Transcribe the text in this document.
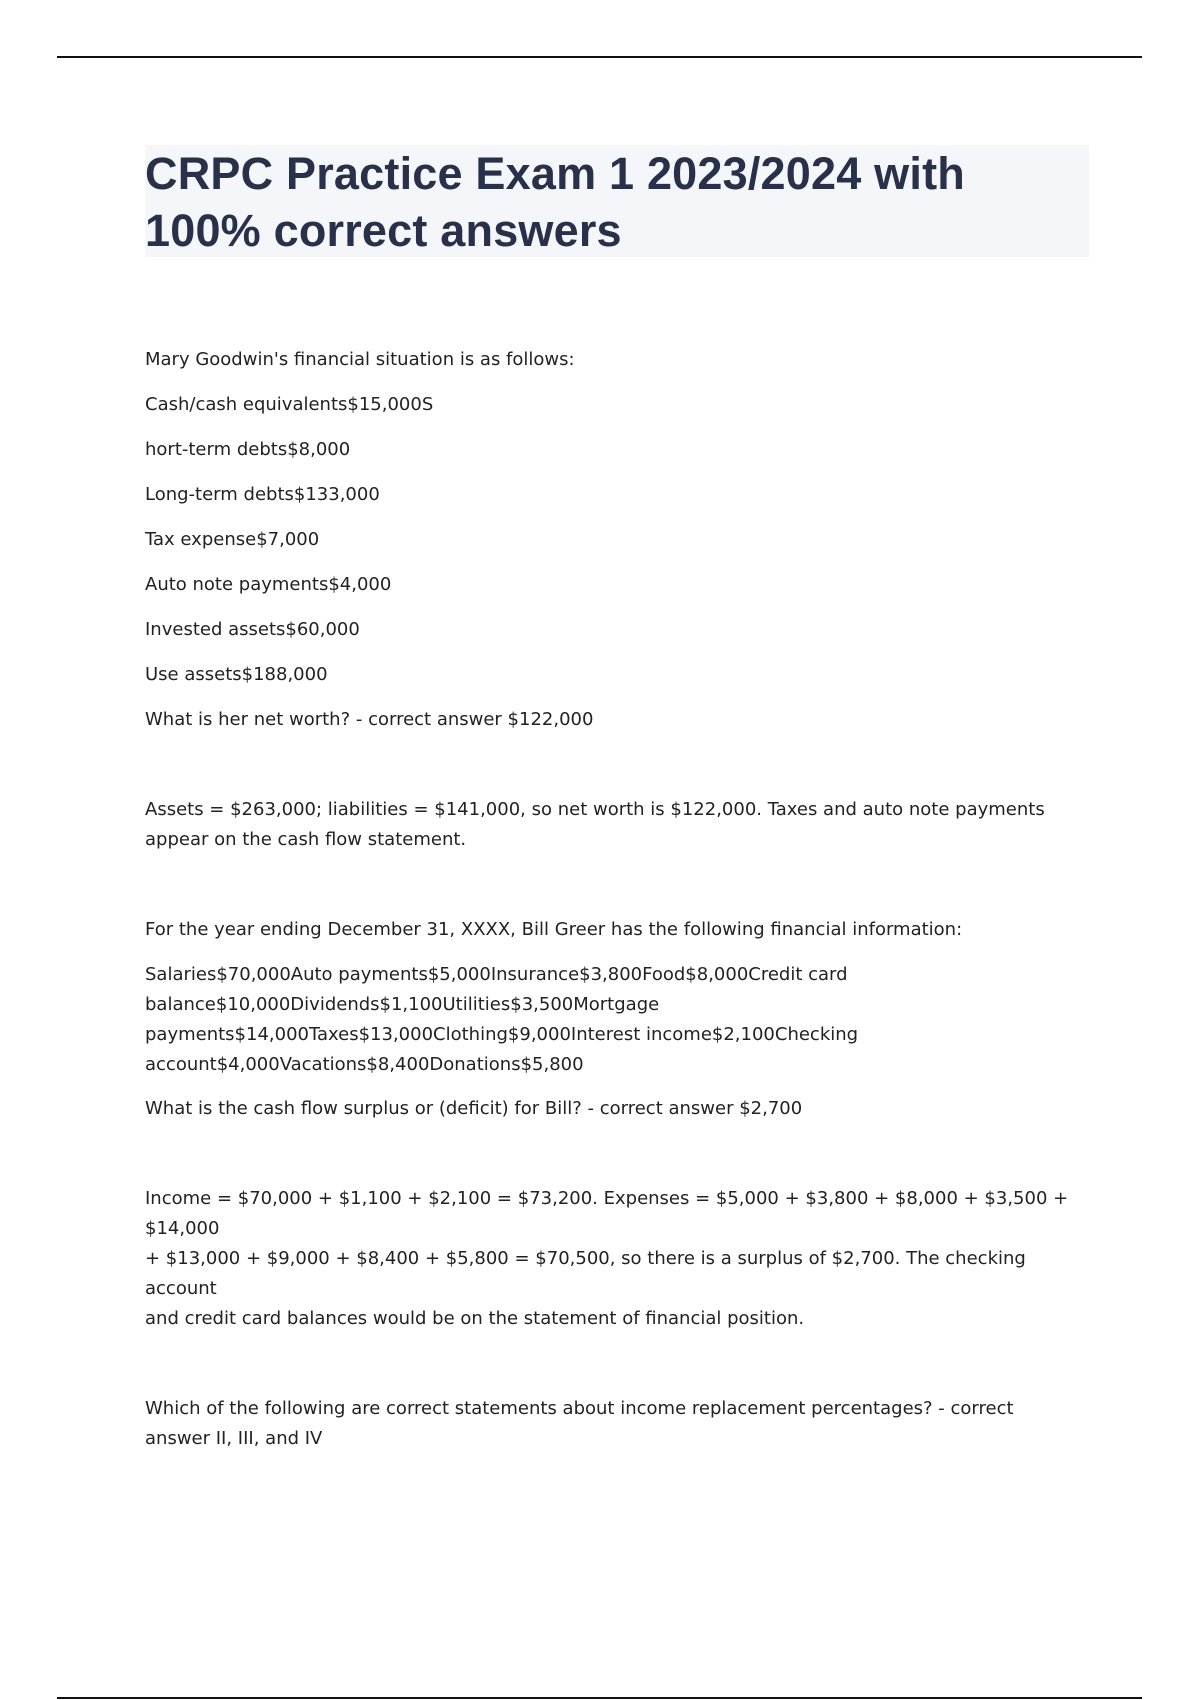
CRPC Practice Exam 1 2023/2024 with
100% correct answers

Mary Goodwin's financial situation is as follows:

Cash/cash equivalents$15,000S

hort-term debts$8,000

Long-term debts$133,000

Tax expense$7,000

Auto note payments$4,000

Invested assets$60,000

Use assets$188,000

What is her net worth? - correct answer $122,000

Assets = $263,000; liabilities = $141,000, so net worth is $122,000. Taxes and auto note payments

appear on the cash flow statement.

For the year ending December 31, XXXX, Bill Greer has the following financial information:

Salaries$70,000Auto payments$5,000Insurance$3,800Food$8,000Credit card

balance$10,000Dividends$1,100Utilities$3,500Mortgage

payments$14,000Taxes$13,000Clothing$9,000Interest income$2,100Checking

account$4,000Vacations$8,400Donations$5,800

What is the cash flow surplus or (deficit) for Bill? - correct answer $2,700

Income = $70,000 + $1,100 + $2,100 = $73,200. Expenses = $5,000 + $3,800 + $8,000 + $3,500 + $14,000

+ $13,000 + $9,000 + $8,400 + $5,800 = $70,500, so there is a surplus of $2,700. The checking account

and credit card balances would be on the statement of financial position.

Which of the following are correct statements about income replacement percentages? - correct

answer II, III, and IV
